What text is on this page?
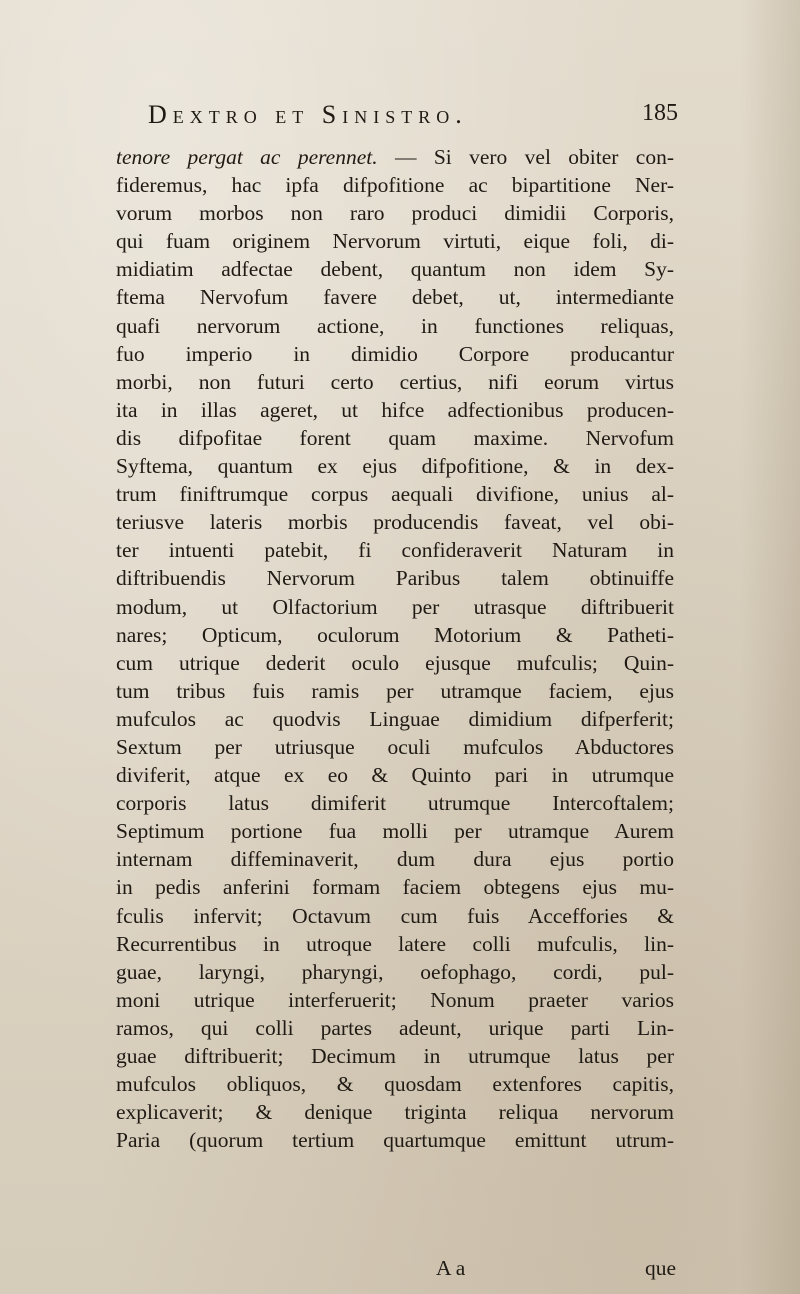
Dextro et Sinistro.	185
tenore pergat ac perennet. — Si vero vel obiter con-
fideremus, hac ipfa difpofitione ac bipartitione Ner-
vorum morbos non raro produci dimidii Corporis,
qui fuam originem Nervorum virtuti, eique foli, di-
midiatim adfectae debent, quantum non idem Sy-
ftema Nervofum favere debet, ut, intermediante
quafi nervorum actione, in functiones reliquas,
fuo imperio in dimidio Corpore producantur
morbi, non futuri certo certius, nifi eorum virtus
ita in illas ageret, ut hifce adfectionibus producen-
dis difpofitae forent quam maxime. Nervofum
Syftema, quantum ex ejus difpofitione, & in dex-
trum finiftrumque corpus aequali divifione, unius al-
teriusve lateris morbis producendis faveat, vel obi-
ter intuenti patebit, fi confideraverit Naturam in
diftribuendis Nervorum Paribus talem obtinuiffe
modum, ut Olfactorium per utrasque diftribuerit
nares; Opticum, oculorum Motorium & Patheti-
cum utrique dederit oculo ejusque mufculis; Quin-
tum tribus fuis ramis per utramque faciem, ejus
mufculos ac quodvis Linguae dimidium difperferit;
Sextum per utriusque oculi mufculos Abductores
diviferit, atque ex eo & Quinto pari in utrumque
corporis latus dimiferit utrumque Intercoftalem;
Septimum portione fua molli per utramque Aurem
internam diffeminaverit, dum dura ejus portio
in pedis anferini formam faciem obtegens ejus mu-
fculis infervit; Octavum cum fuis Acceffories &
Recurrentibus in utroque latere colli mufculis, lin-
guae, laryngi, pharyngi, oefophago, cordi, pul-
moni utrique interferuerit; Nonum praeter varios
ramos, qui colli partes adeunt, urique parti Lin-
guae diftribuerit; Decimum in utrumque latus per
mufculos obliquos, & quosdam extenfores capitis,
explicaverit; & denique triginta reliqua nervorum
Paria (quorum tertium quartumque emittunt utrum-
A a	que
